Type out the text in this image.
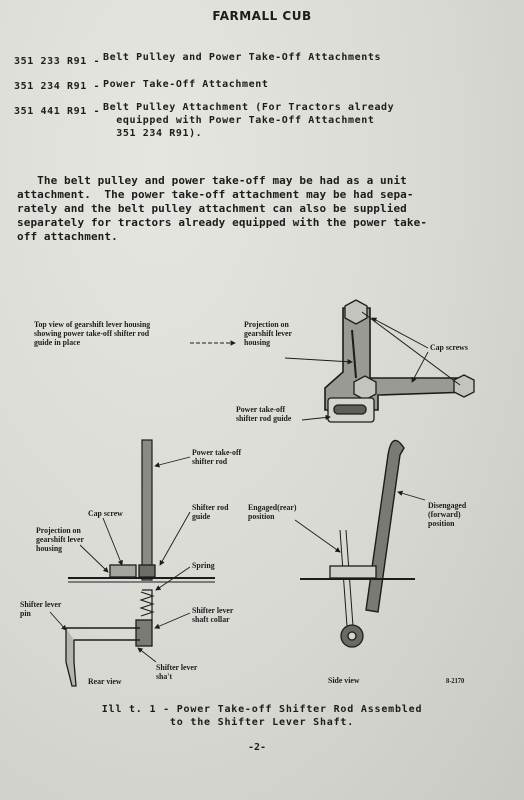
FARMALL CUB
351 233 R91 - Belt Pulley and Power Take-Off Attachments
351 234 R91 - Power Take-Off Attachment
351 441 R91 - Belt Pulley Attachment (For Tractors already
equipped with Power Take-Off Attachment
351 234 R91).
The belt pulley and power take-off may be had as a unit
attachment.  The power take-off attachment may be had sepa-
rately and the belt pulley attachment can also be supplied
separately for tractors already equipped with the power take-
off attachment.
Top view of gearshift lever housing
showing power take-off shifter rod
guide in place
Projection on
gearshift lever
housing	Cap screws
Power take-off
shifter rod guide
Power take-off
shifter rod
Cap screw
Shifter rod
guide
Engaged(rear)
position
Disengaged
(forward)
position
Projection on
gearshift lever
housing
Spring
Shifter lever
pin	Shifter lever
shaft collar
Shifter lever
sha't
Rear view	Side view	8-2170
Ill t. 1 - Power Take-off Shifter Rod Assembled
to the Shifter Lever Shaft.
-2-
